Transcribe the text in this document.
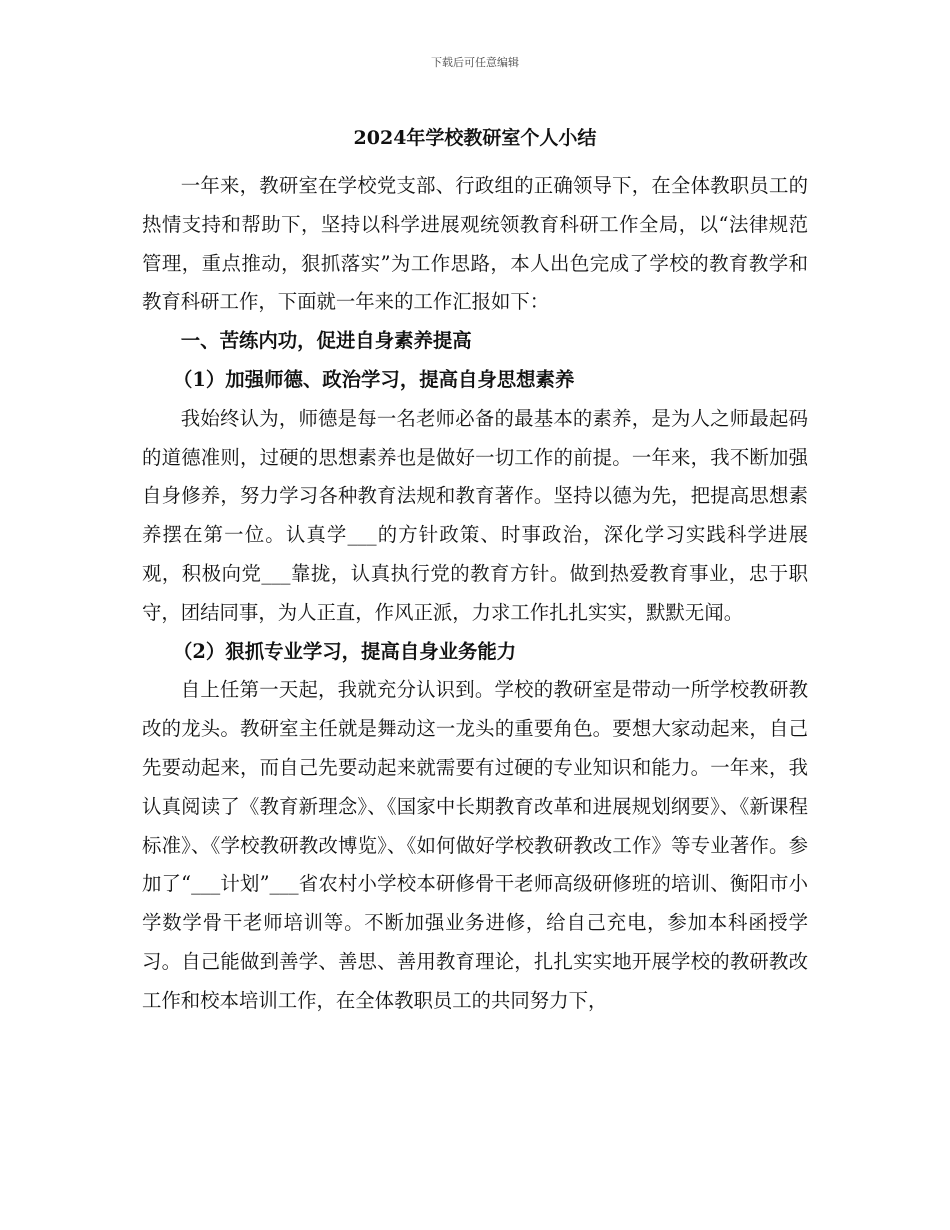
下载后可任意编辑
2024年学校教研室个人小结

一年来，教研室在学校党支部、行政组的正确领导下，在全体教职员工的热情支持和帮助下，坚持以科学进展观统领教育科研工作全局，以“法律规范管理，重点推动，狠抓落实”为工作思路，本人出色完成了学校的教育教学和教育科研工作，下面就一年来的工作汇报如下：

一、苦练内功，促进自身素养提高

（1）加强师德、政治学习，提高自身思想素养

我始终认为，师德是每一名老师必备的最基本的素养，是为人之师最起码的道德准则，过硬的思想素养也是做好一切工作的前提。一年来，我不断加强自身修养，努力学习各种教育法规和教育著作。坚持以德为先，把提高思想素养摆在第一位。认真学___的方针政策、时事政治，深化学习实践科学进展观，积极向党___靠拢，认真执行党的教育方针。做到热爱教育事业，忠于职守，团结同事，为人正直，作风正派，力求工作扎扎实实，默默无闻。

（2）狠抓专业学习，提高自身业务能力

自上任第一天起，我就充分认识到。学校的教研室是带动一所学校教研教改的龙头。教研室主任就是舞动这一龙头的重要角色。要想大家动起来，自己先要动起来，而自己先要动起来就需要有过硬的专业知识和能力。一年来，我认真阅读了《教育新理念》、《国家中长期教育改革和进展规划纲要》、《新课程标准》、《学校教研教改博览》、《如何做好学校教研教改工作》等专业著作。参加了“___计划”___省农村小学校本研修骨干老师高级研修班的培训、衡阳市小学数学骨干老师培训等。不断加强业务进修，给自己充电，参加本科函授学习。自己能做到善学、善思、善用教育理论，扎扎实实地开展学校的教研教改工作和校本培训工作，在全体教职员工的共同努力下，
